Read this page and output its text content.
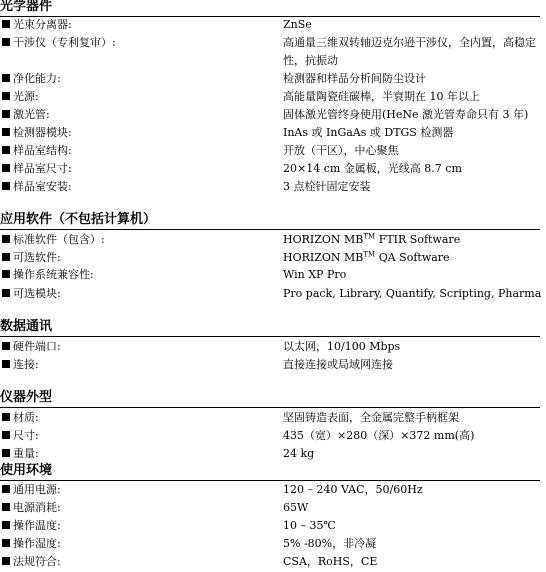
光学器件
光束分离器:	ZnSe
干涉仪（专利复审）:	高通量三维双转轴迈克尔逊干涉仪，全内置，高稳定性，抗振动
净化能力:	检测器和样品分析间防尘设计
光源:	高能量陶瓷硅碳棒，半衰期在 10 年以上
激光管:	固体激光管终身使用(HeNe 激光管寿命只有 3 年)
检测器模块:	InAs 或 InGaAs 或 DTGS 检测器
样品室结构:	开放（干区），中心聚焦
样品室尺寸:	20×14 cm 金属板，光线高 8.7 cm
样品室安装:	3 点栓针固定安装
应用软件（不包括计算机）
标准软件（包含）:	HORIZON MB™ FTIR Software
可选软件:	HORIZON MB™ QA Software
操作系统兼容性:	Win XP Pro
可选模块:	Pro pack, Library, Quantify, Scripting, Pharma
数据通讯
硬件端口:	以太网，10/100 Mbps
连接:	直接连接或局域网连接
仪器外型
材质:	坚固铸造表面，全金属完整手柄框架
尺寸:	435（宽）×280（深）×372 mm(高)
重量:	24 kg
使用环境
通用电源:	120 – 240 VAC，50/60Hz
电源消耗:	65W
操作温度:	10 – 35℃
操作湿度:	5% -80%，非冷凝
法规符合:	CSA，RoHS，CE
